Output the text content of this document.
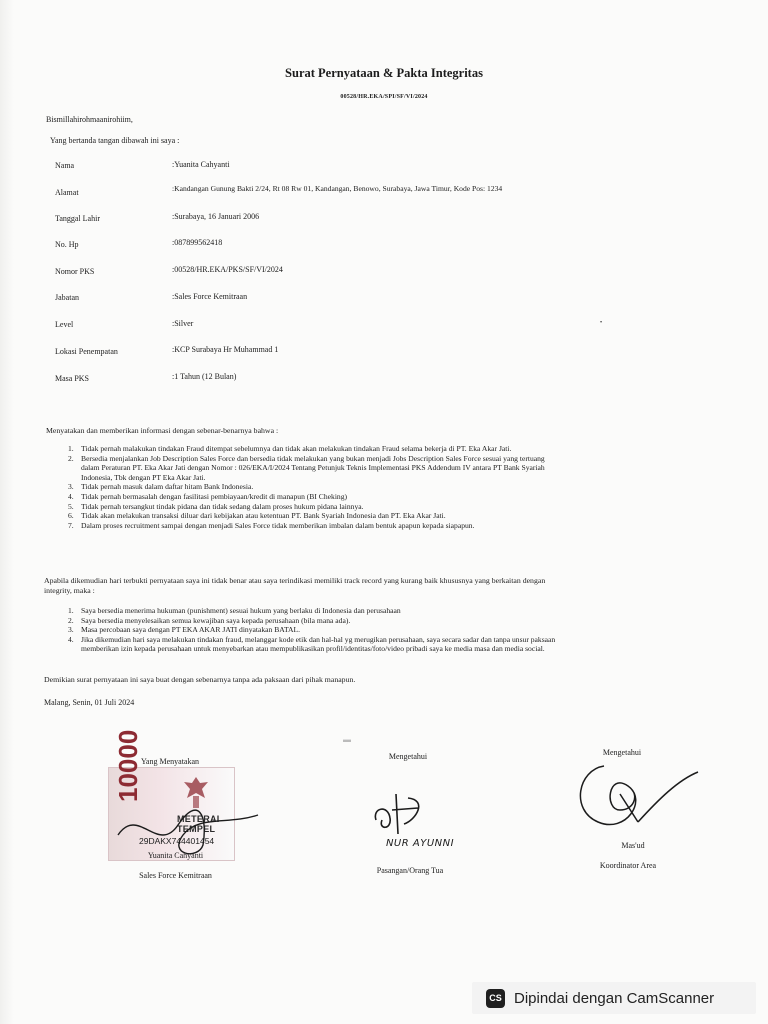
Surat Pernyataan & Pakta Integritas
00528/HR.EKA/SPI/SF/VI/2024
Bismillahirohmaanirohiim,
Yang bertanda tangan dibawah ini saya :
Nama	:Yuanita Cahyanti
Alamat	:Kandangan Gunung Bakti 2/24, Rt 08 Rw 01, Kandangan, Benowo, Surabaya, Jawa Timur, Kode Pos: 1234
Tanggal Lahir	:Surabaya, 16 Januari 2006
No. Hp	:087899562418
Nomor PKS	:00528/HR.EKA/PKS/SF/VI/2024
Jabatan	:Sales Force Kemitraan
Level	:Silver
Lokasi Penempatan	:KCP Surabaya Hr Muhammad 1
Masa PKS	:1 Tahun (12 Bulan)
•
Menyatakan dan memberikan informasi dengan sebenar-benarnya bahwa :
1. Tidak pernah malakukan tindakan Fraud ditempat sebelumnya dan tidak akan melakukan tindakan Fraud selama bekerja di PT. Eka Akar Jati.
2. Bersedia menjalankan Job Description Sales Force dan bersedia tidak melakukan yang bukan menjadi Jobs Description Sales Force sesuai yang tertuang
dalam Peraturan PT. Eka Akar Jati dengan Nomor : 026/EKA/I/2024 Tentang Petunjuk Teknis Implementasi PKS Addendum IV antara PT Bank Syariah
Indonesia, Tbk dengan PT Eka Akar Jati.
3. Tidak pernah masuk dalam daftar hitam Bank Indonesia.
4. Tidak pernah bermasalah dengan fasilitasi pembiayaan/kredit di manapun (BI Cheking)
5. Tidak pernah tersangkut tindak pidana dan tidak sedang dalam proses hukum pidana lainnya.
6. Tidak akan melakukan transaksi diluar dari kebijakan atau ketentuan PT. Bank Syariah Indonesia dan PT. Eka Akar Jati.
7. Dalam proses recruitment sampai dengan menjadi Sales Force tidak memberikan imbalan dalam bentuk apapun kepada siapapun.
Apabila dikemudian hari terbukti pernyataan saya ini tidak benar atau saya terindikasi memiliki track record yang kurang baik khususnya yang berkaitan dengan
integrity, maka :
1. Saya bersedia menerima hukuman (punishment) sesuai hukum yang berlaku di Indonesia dan perusahaan
2. Saya bersedia menyelesaikan semua kewajiban saya kepada perusahaan (bila mana ada).
3. Masa percobaan saya dengan PT EKA AKAR JATI dinyatakan BATAL.
4. Jika dikemudian hari saya melakukan tindakan fraud, melanggar kode etik dan hal-hal yg merugikan perusahaan, saya secara sadar dan tanpa unsur paksaan
memberikan izin kepada perusahaan untuk menyebarkan atau mempublikasikan profil/identitas/foto/video pribadi saya ke media masa dan media social.
Demikian surat pernyataan ini saya buat dengan sebenarnya tanpa ada paksaan dari pihak manapun.
Malang, Senin, 01 Juli 2024
▬
Yang Menyatakan
10000
METERAI
TEMPEL
29DAKX744401454
Yuanita Cahyanti
Sales Force Kemitraan
Mengetahui
NUR AYUNNI
Pasangan/Orang Tua
Mengetahui
Mas'ud
Koordinator Area
CS Dipindai dengan CamScanner
